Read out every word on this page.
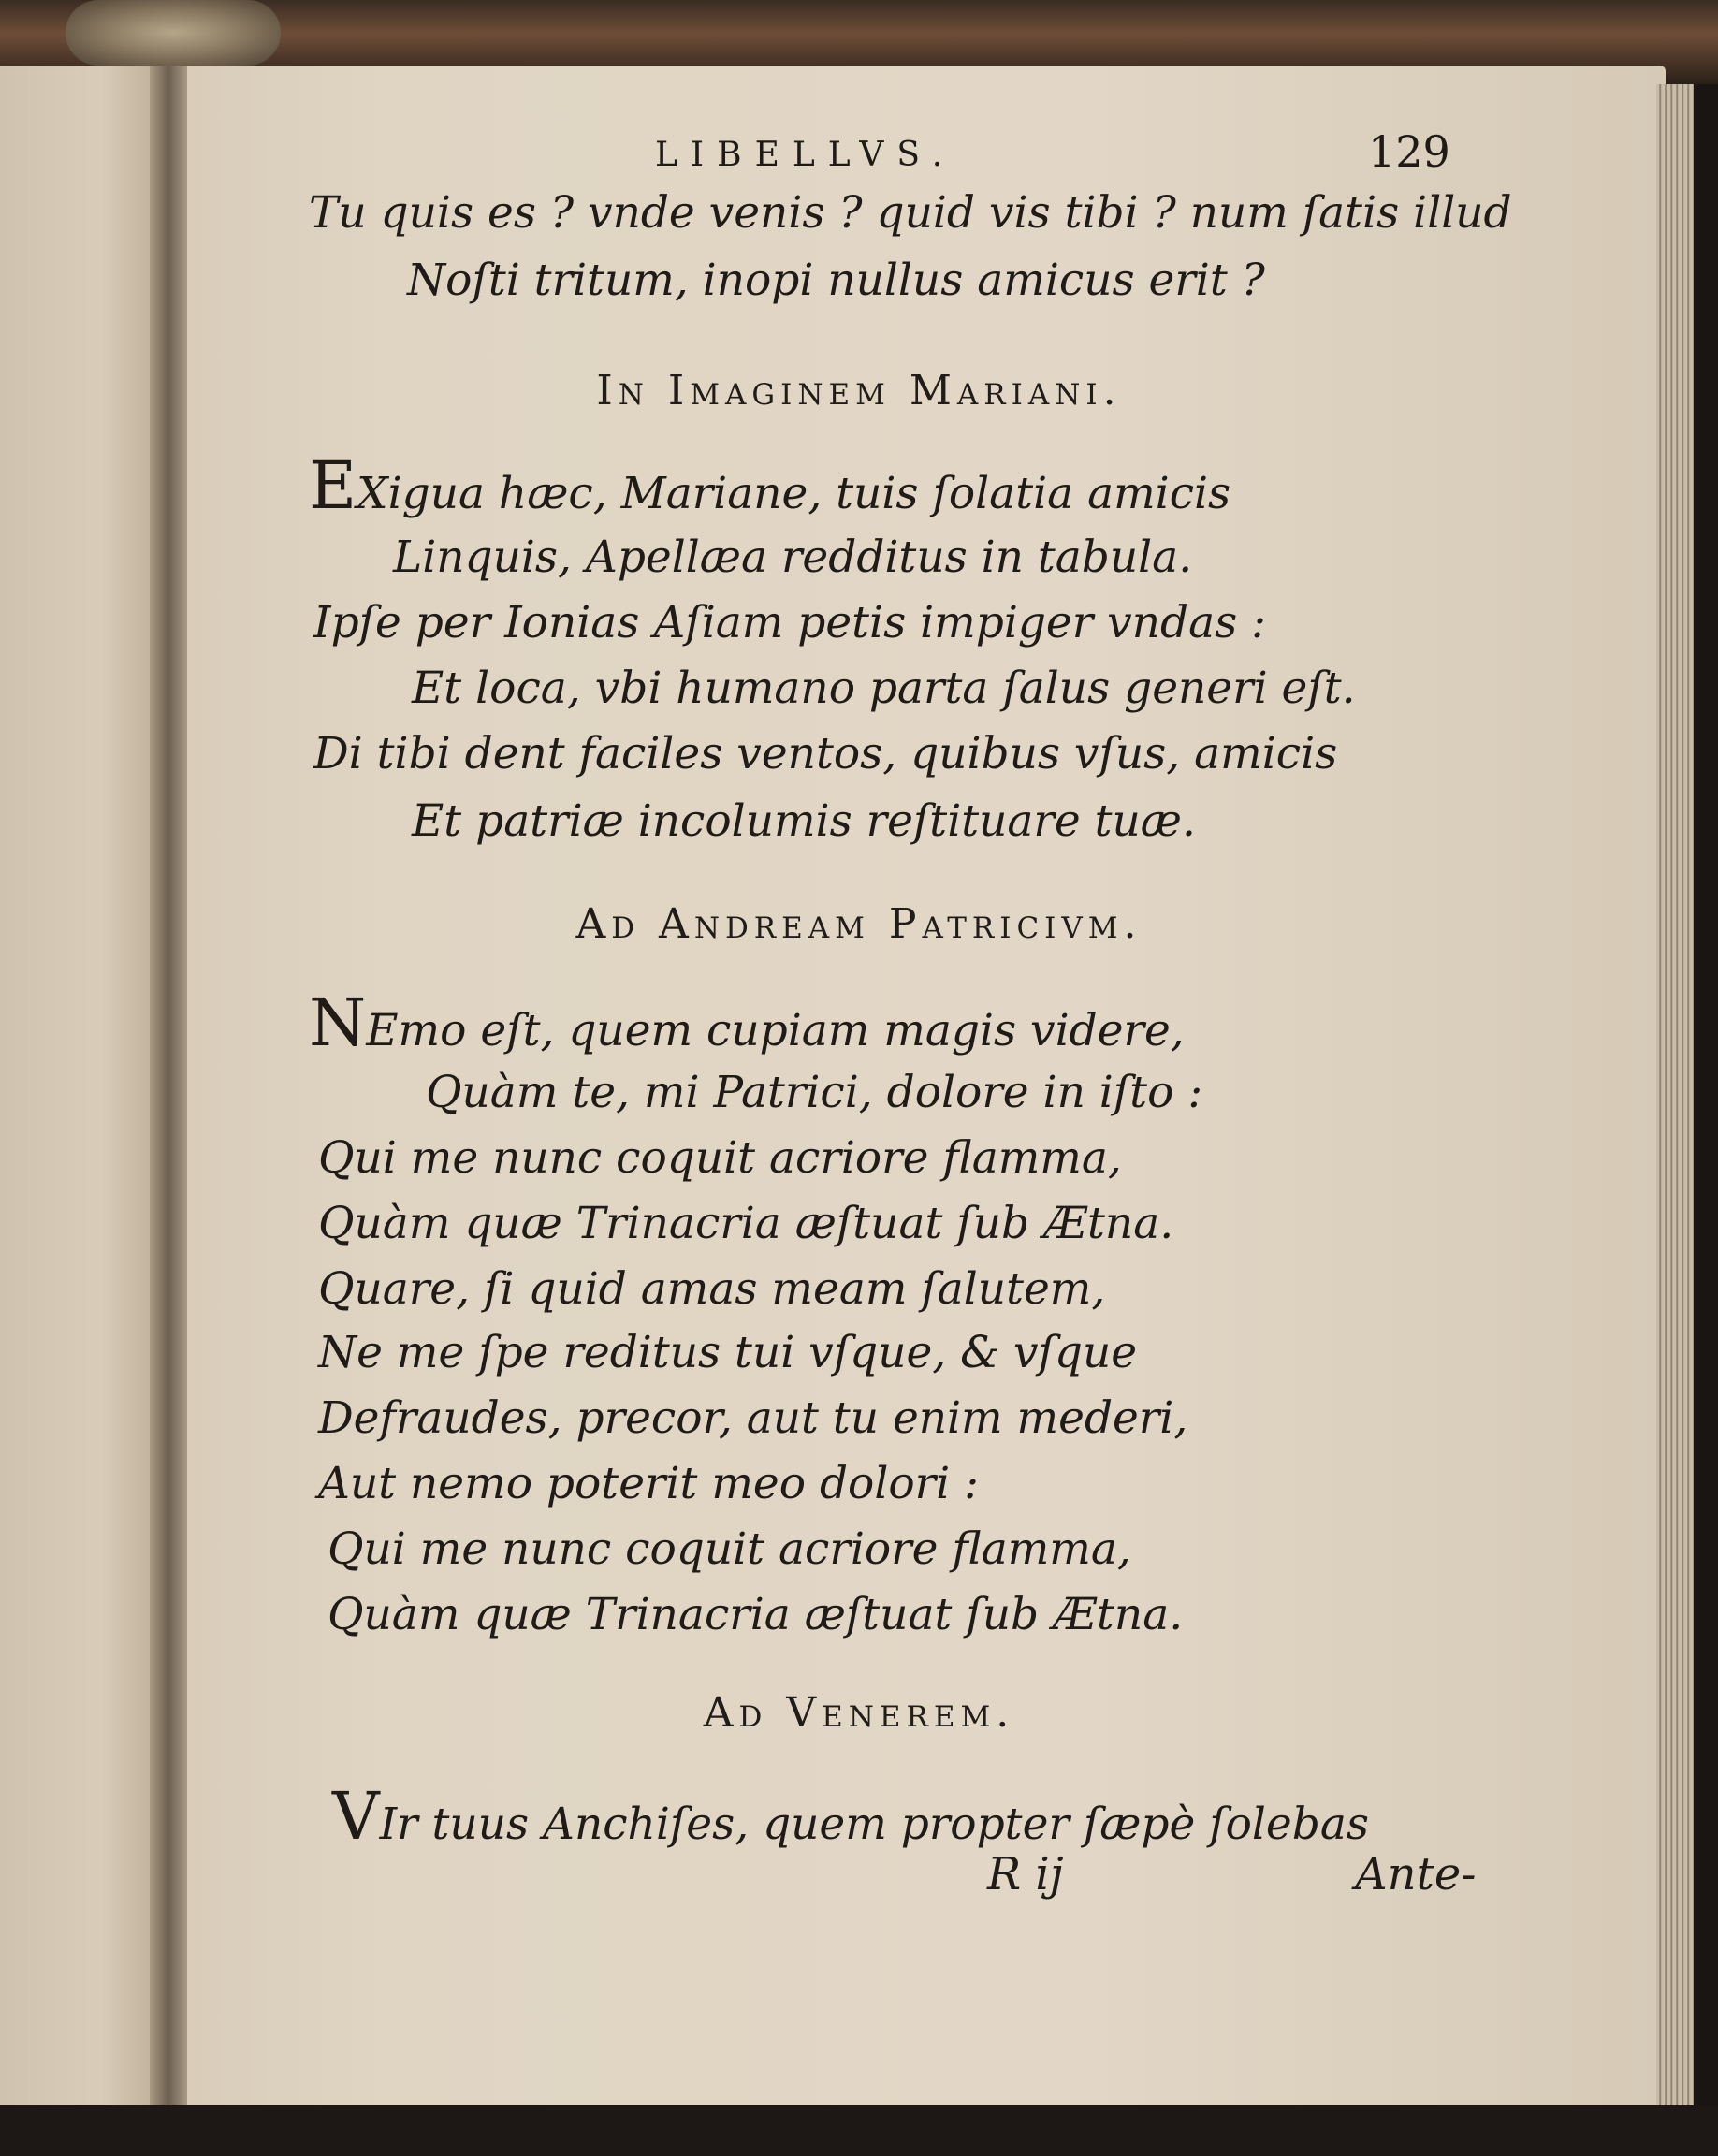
LIBELLVS.	129
Tu quis es ? vnde venis ? quid vis tibi ? num ſatis illud
Noſti tritum, inopi nullus amicus erit ?
In Imaginem Mariani.
EXigua hæc, Mariane, tuis ſolatia amicis
Linquis, Apellæa redditus in tabula.
Ipſe per Ionias Aſiam petis impiger vndas :
Et loca, vbi humano parta ſalus generi eſt.
Di tibi dent faciles ventos, quibus vſus, amicis
Et patriæ incolumis reſtituare tuæ.
Ad Andream Patricivm.
NEmo eſt, quem cupiam magis videre,
Quàm te, mi Patrici, dolore in iſto :
Qui me nunc coquit acriore flamma,
Quàm quæ Trinacria æſtuat ſub Ætna.
Quare, ſi quid amas meam ſalutem,
Ne me ſpe reditus tui vſque, & vſque
Defraudes, precor, aut tu enim mederi,
Aut nemo poterit meo dolori :
Qui me nunc coquit acriore flamma,
Quàm quæ Trinacria æſtuat ſub Ætna.
Ad Venerem.
VIr tuus Anchiſes, quem propter ſæpè ſolebas
R ij	Ante-
